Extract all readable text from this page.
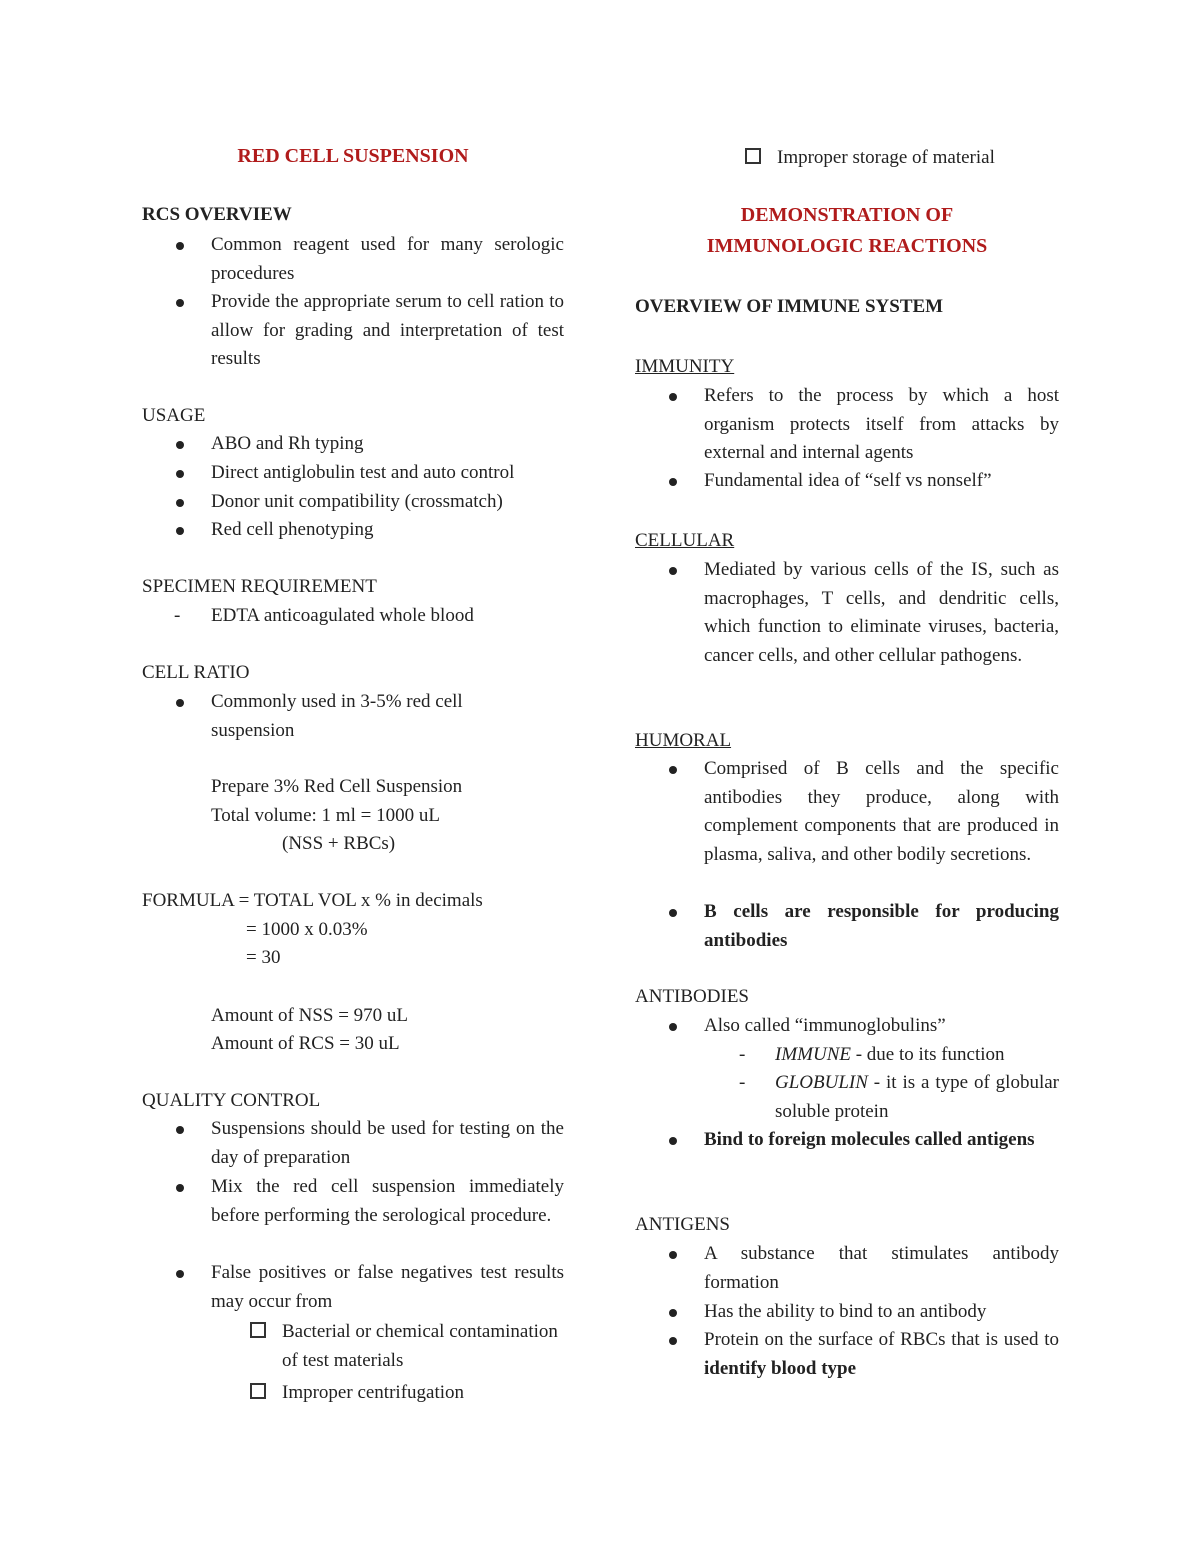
RED CELL SUSPENSION

RCS OVERVIEW

Common reagent used for many serologic procedures

Provide the appropriate serum to cell ration to allow for grading and interpretation of test results

USAGE

ABO and Rh typing

Direct antiglobulin test and auto control

Donor unit compatibility (crossmatch)

Red cell phenotyping

SPECIMEN REQUIREMENT

- EDTA anticoagulated whole blood

CELL RATIO

Commonly used in 3-5% red cell suspension

Prepare 3% Red Cell Suspension

Total volume: 1 ml = 1000 uL

(NSS + RBCs)

FORMULA = TOTAL VOL x % in decimals

= 1000 x 0.03%

= 30

Amount of NSS = 970 uL

Amount of RCS = 30 uL

QUALITY CONTROL

Suspensions should be used for testing on the day of preparation

Mix the red cell suspension immediately before performing the serological procedure.

False positives or false negatives test results may occur from

Bacterial or chemical contamination of test materials

Improper centrifugation

Improper storage of material

DEMONSTRATION OF

IMMUNOLOGIC REACTIONS

OVERVIEW OF IMMUNE SYSTEM

IMMUNITY

Refers to the process by which a host organism protects itself from attacks by external and internal agents

Fundamental idea of “self vs nonself”

CELLULAR

Mediated by various cells of the IS, such as macrophages, T cells, and dendritic cells, which function to eliminate viruses, bacteria, cancer cells, and other cellular pathogens.

HUMORAL

Comprised of B cells and the specific antibodies they produce, along with complement components that are produced in plasma, saliva, and other bodily secretions.

B cells are responsible for producing antibodies

ANTIBODIES

Also called “immunoglobulins”

- IMMUNE - due to its function

- GLOBULIN - it is a type of globular soluble protein

Bind to foreign molecules called antigens

ANTIGENS

A substance that stimulates antibody formation

Has the ability to bind to an antibody

Protein on the surface of RBCs that is used to identify blood type
